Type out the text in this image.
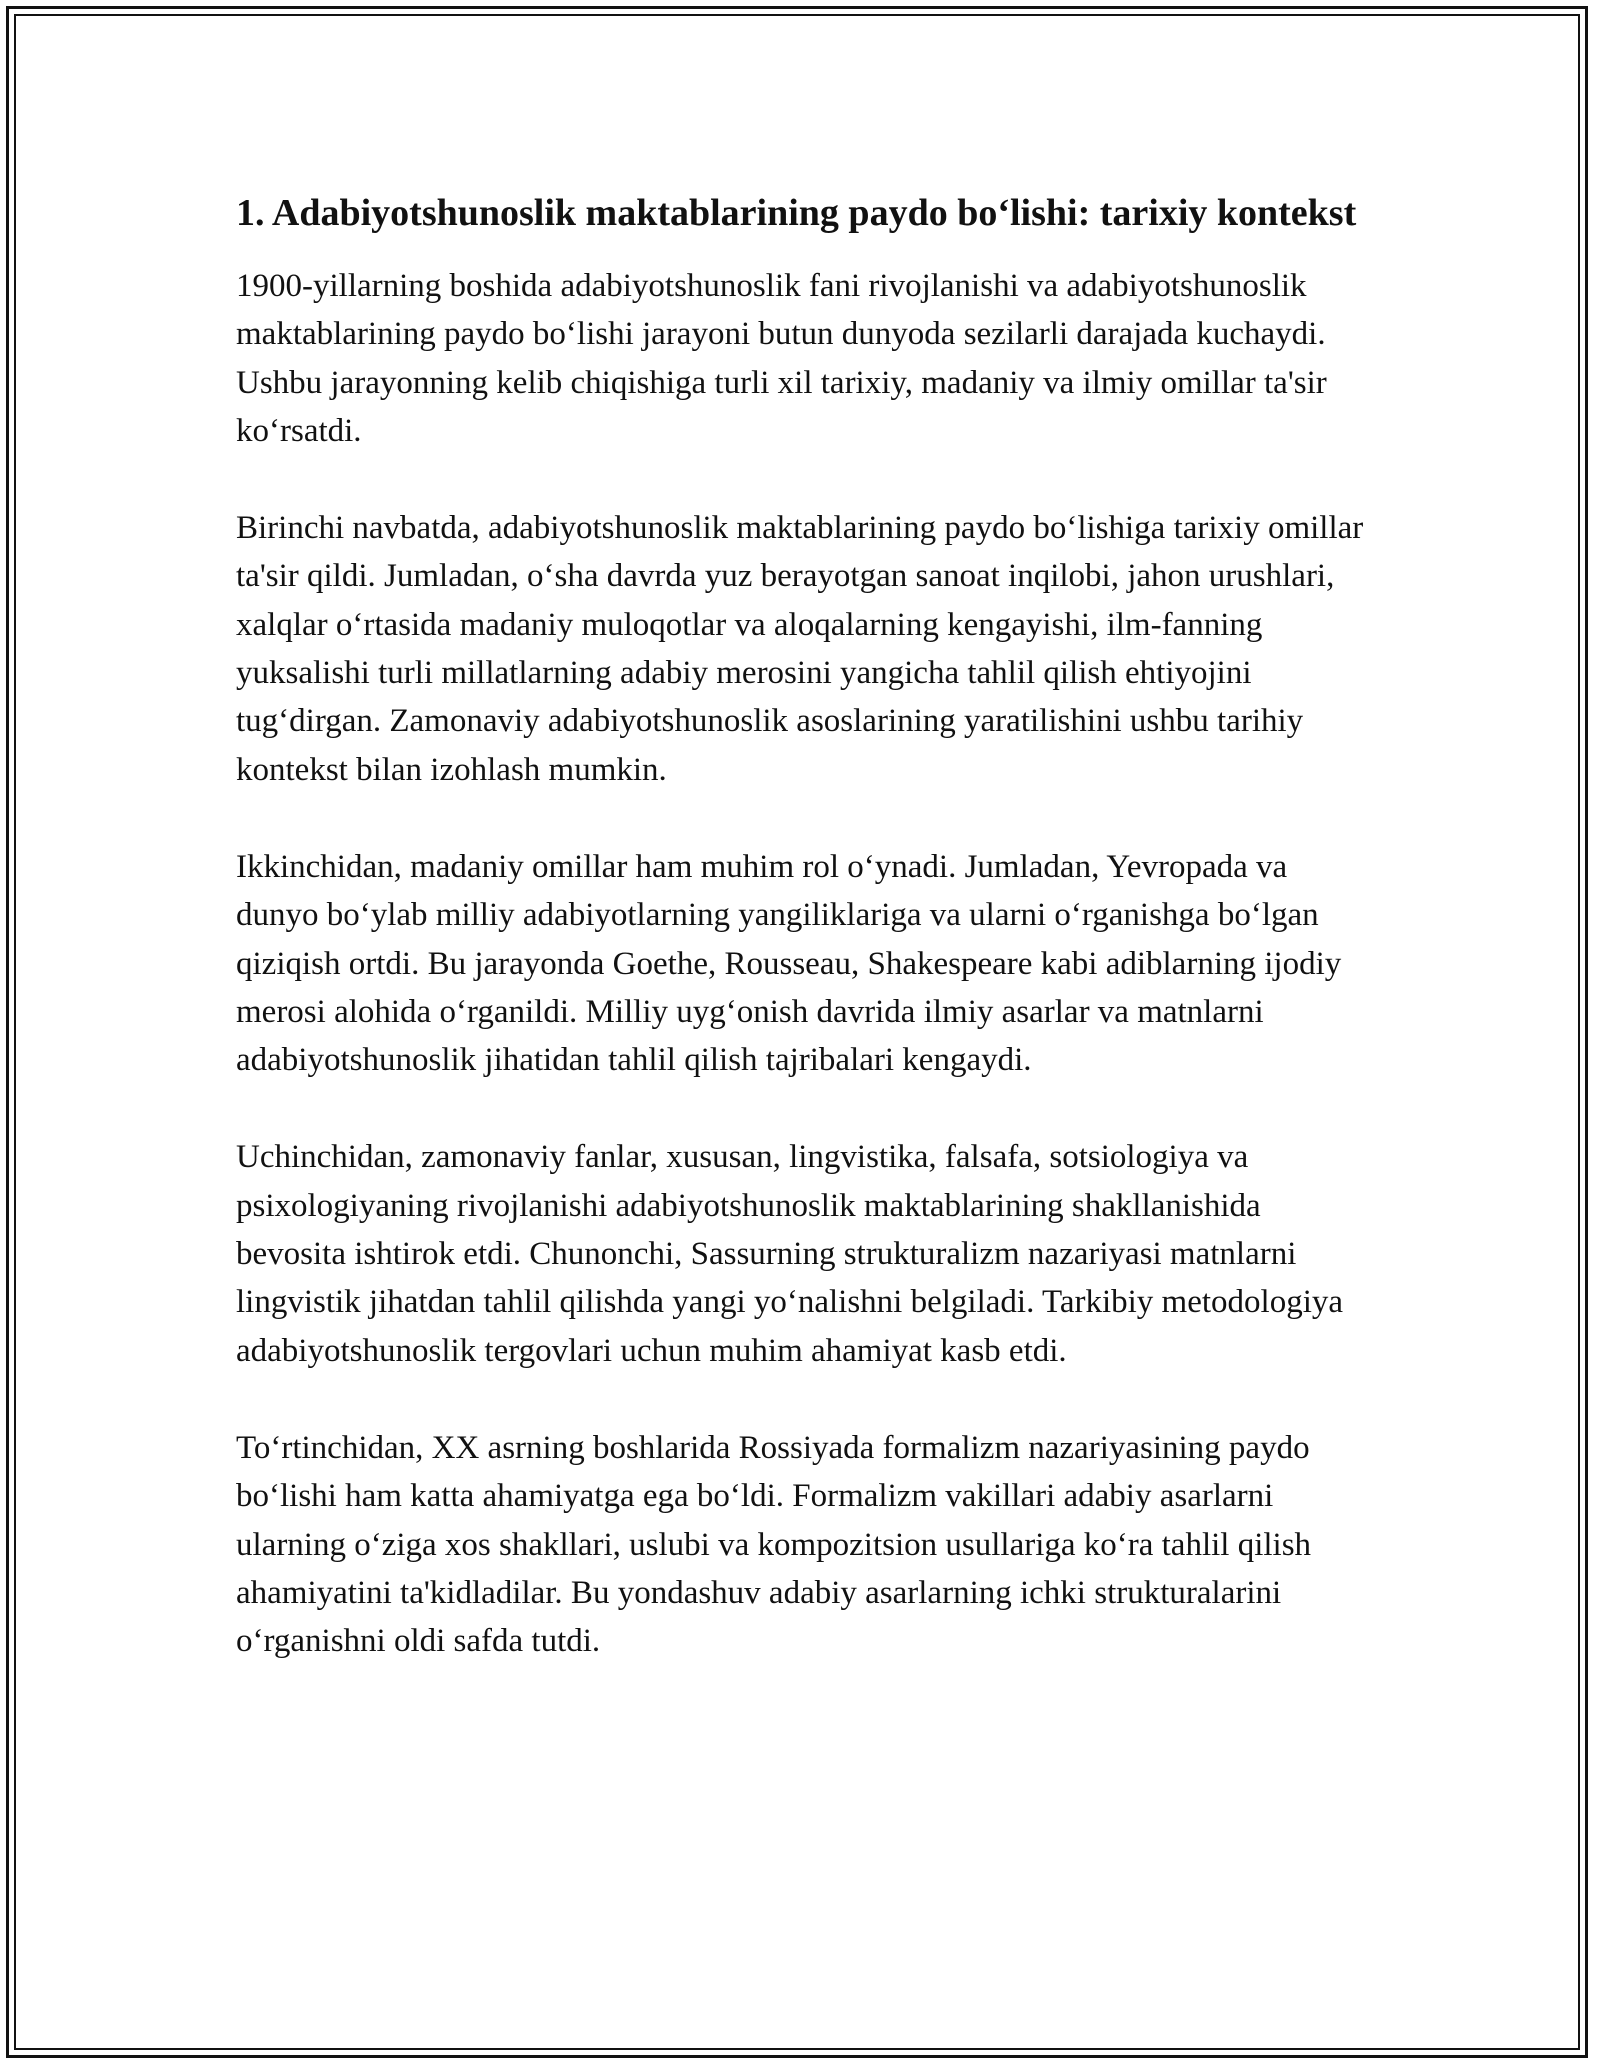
1. Adabiyotshunoslik maktablarining paydo bo‘lishi: tarixiy kontekst

1900-yillarning boshida adabiyotshunoslik fani rivojlanishi va adabiyotshunoslik maktablarining paydo bo‘lishi jarayoni butun dunyoda sezilarli darajada kuchaydi. Ushbu jarayonning kelib chiqishiga turli xil tarixiy, madaniy va ilmiy omillar ta'sir ko‘rsatdi.

Birinchi navbatda, adabiyotshunoslik maktablarining paydo bo‘lishiga tarixiy omillar ta'sir qildi. Jumladan, o‘sha davrda yuz berayotgan sanoat inqilobi, jahon urushlari, xalqlar o‘rtasida madaniy muloqotlar va aloqalarning kengayishi, ilm-fanning yuksalishi turli millatlarning adabiy merosini yangicha tahlil qilish ehtiyojini tug‘dirgan. Zamonaviy adabiyotshunoslik asoslarining yaratilishini ushbu tarihiy kontekst bilan izohlash mumkin.

Ikkinchidan, madaniy omillar ham muhim rol o‘ynadi. Jumladan, Yevropada va dunyo bo‘ylab milliy adabiyotlarning yangiliklariga va ularni o‘rganishga bo‘lgan qiziqish ortdi. Bu jarayonda Goethe, Rousseau, Shakespeare kabi adiblarning ijodiy merosi alohida o‘rganildi. Milliy uyg‘onish davrida ilmiy asarlar va matnlarni adabiyotshunoslik jihatidan tahlil qilish tajribalari kengaydi.

Uchinchidan, zamonaviy fanlar, xususan, lingvistika, falsafa, sotsiologiya va psixologiyaning rivojlanishi adabiyotshunoslik maktablarining shakllanishida bevosita ishtirok etdi. Chunonchi, Sassurning strukturalizm nazariyasi matnlarni lingvistik jihatdan tahlil qilishda yangi yo‘nalishni belgiladi. Tarkibiy metodologiya adabiyotshunoslik tergovlari uchun muhim ahamiyat kasb etdi.

To‘rtinchidan, XX asrning boshlarida Rossiyada formalizm nazariyasining paydo bo‘lishi ham katta ahamiyatga ega bo‘ldi. Formalizm vakillari adabiy asarlarni ularning o‘ziga xos shakllari, uslubi va kompozitsion usullariga ko‘ra tahlil qilish ahamiyatini ta'kidladilar. Bu yondashuv adabiy asarlarning ichki strukturalarini o‘rganishni oldi safda tutdi.
